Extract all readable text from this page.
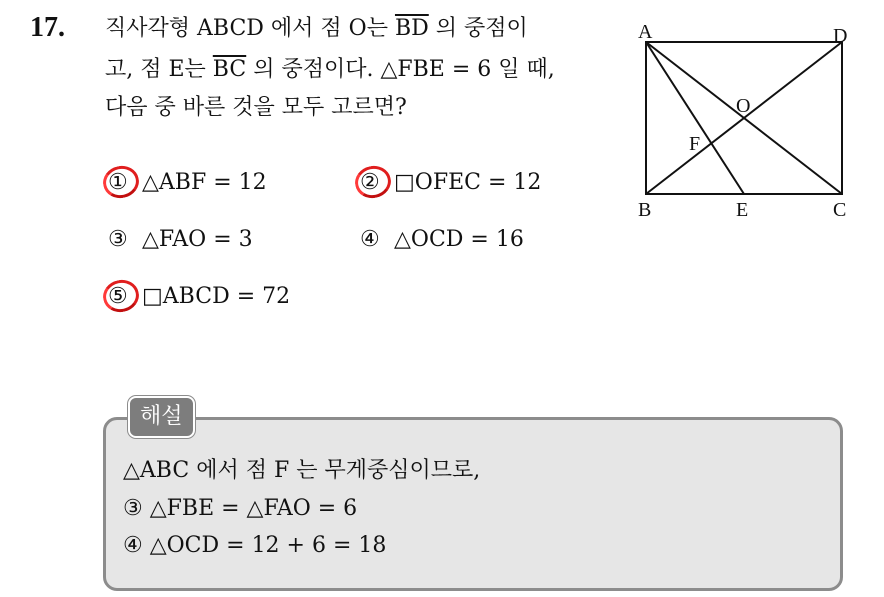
17. 직사각형 ABCD 에서 점 O는 $\overline{BD}$ 의 중점이
고, 점 E는 $\overline{BC}$ 의 중점이다. △FBE = 6 일 때,
다음 중 바른 것을 모두 고르면?
① △ABF = 12	② □OFEC = 12
③ △FAO = 3	④ △OCD = 16
⑤ □ABCD = 72
A	D
B	E	C
O
F
해설
△ABC 에서 점 F 는 무게중심이므로,
③ △FBE = △FAO = 6
④ △OCD = 12 + 6 = 18
